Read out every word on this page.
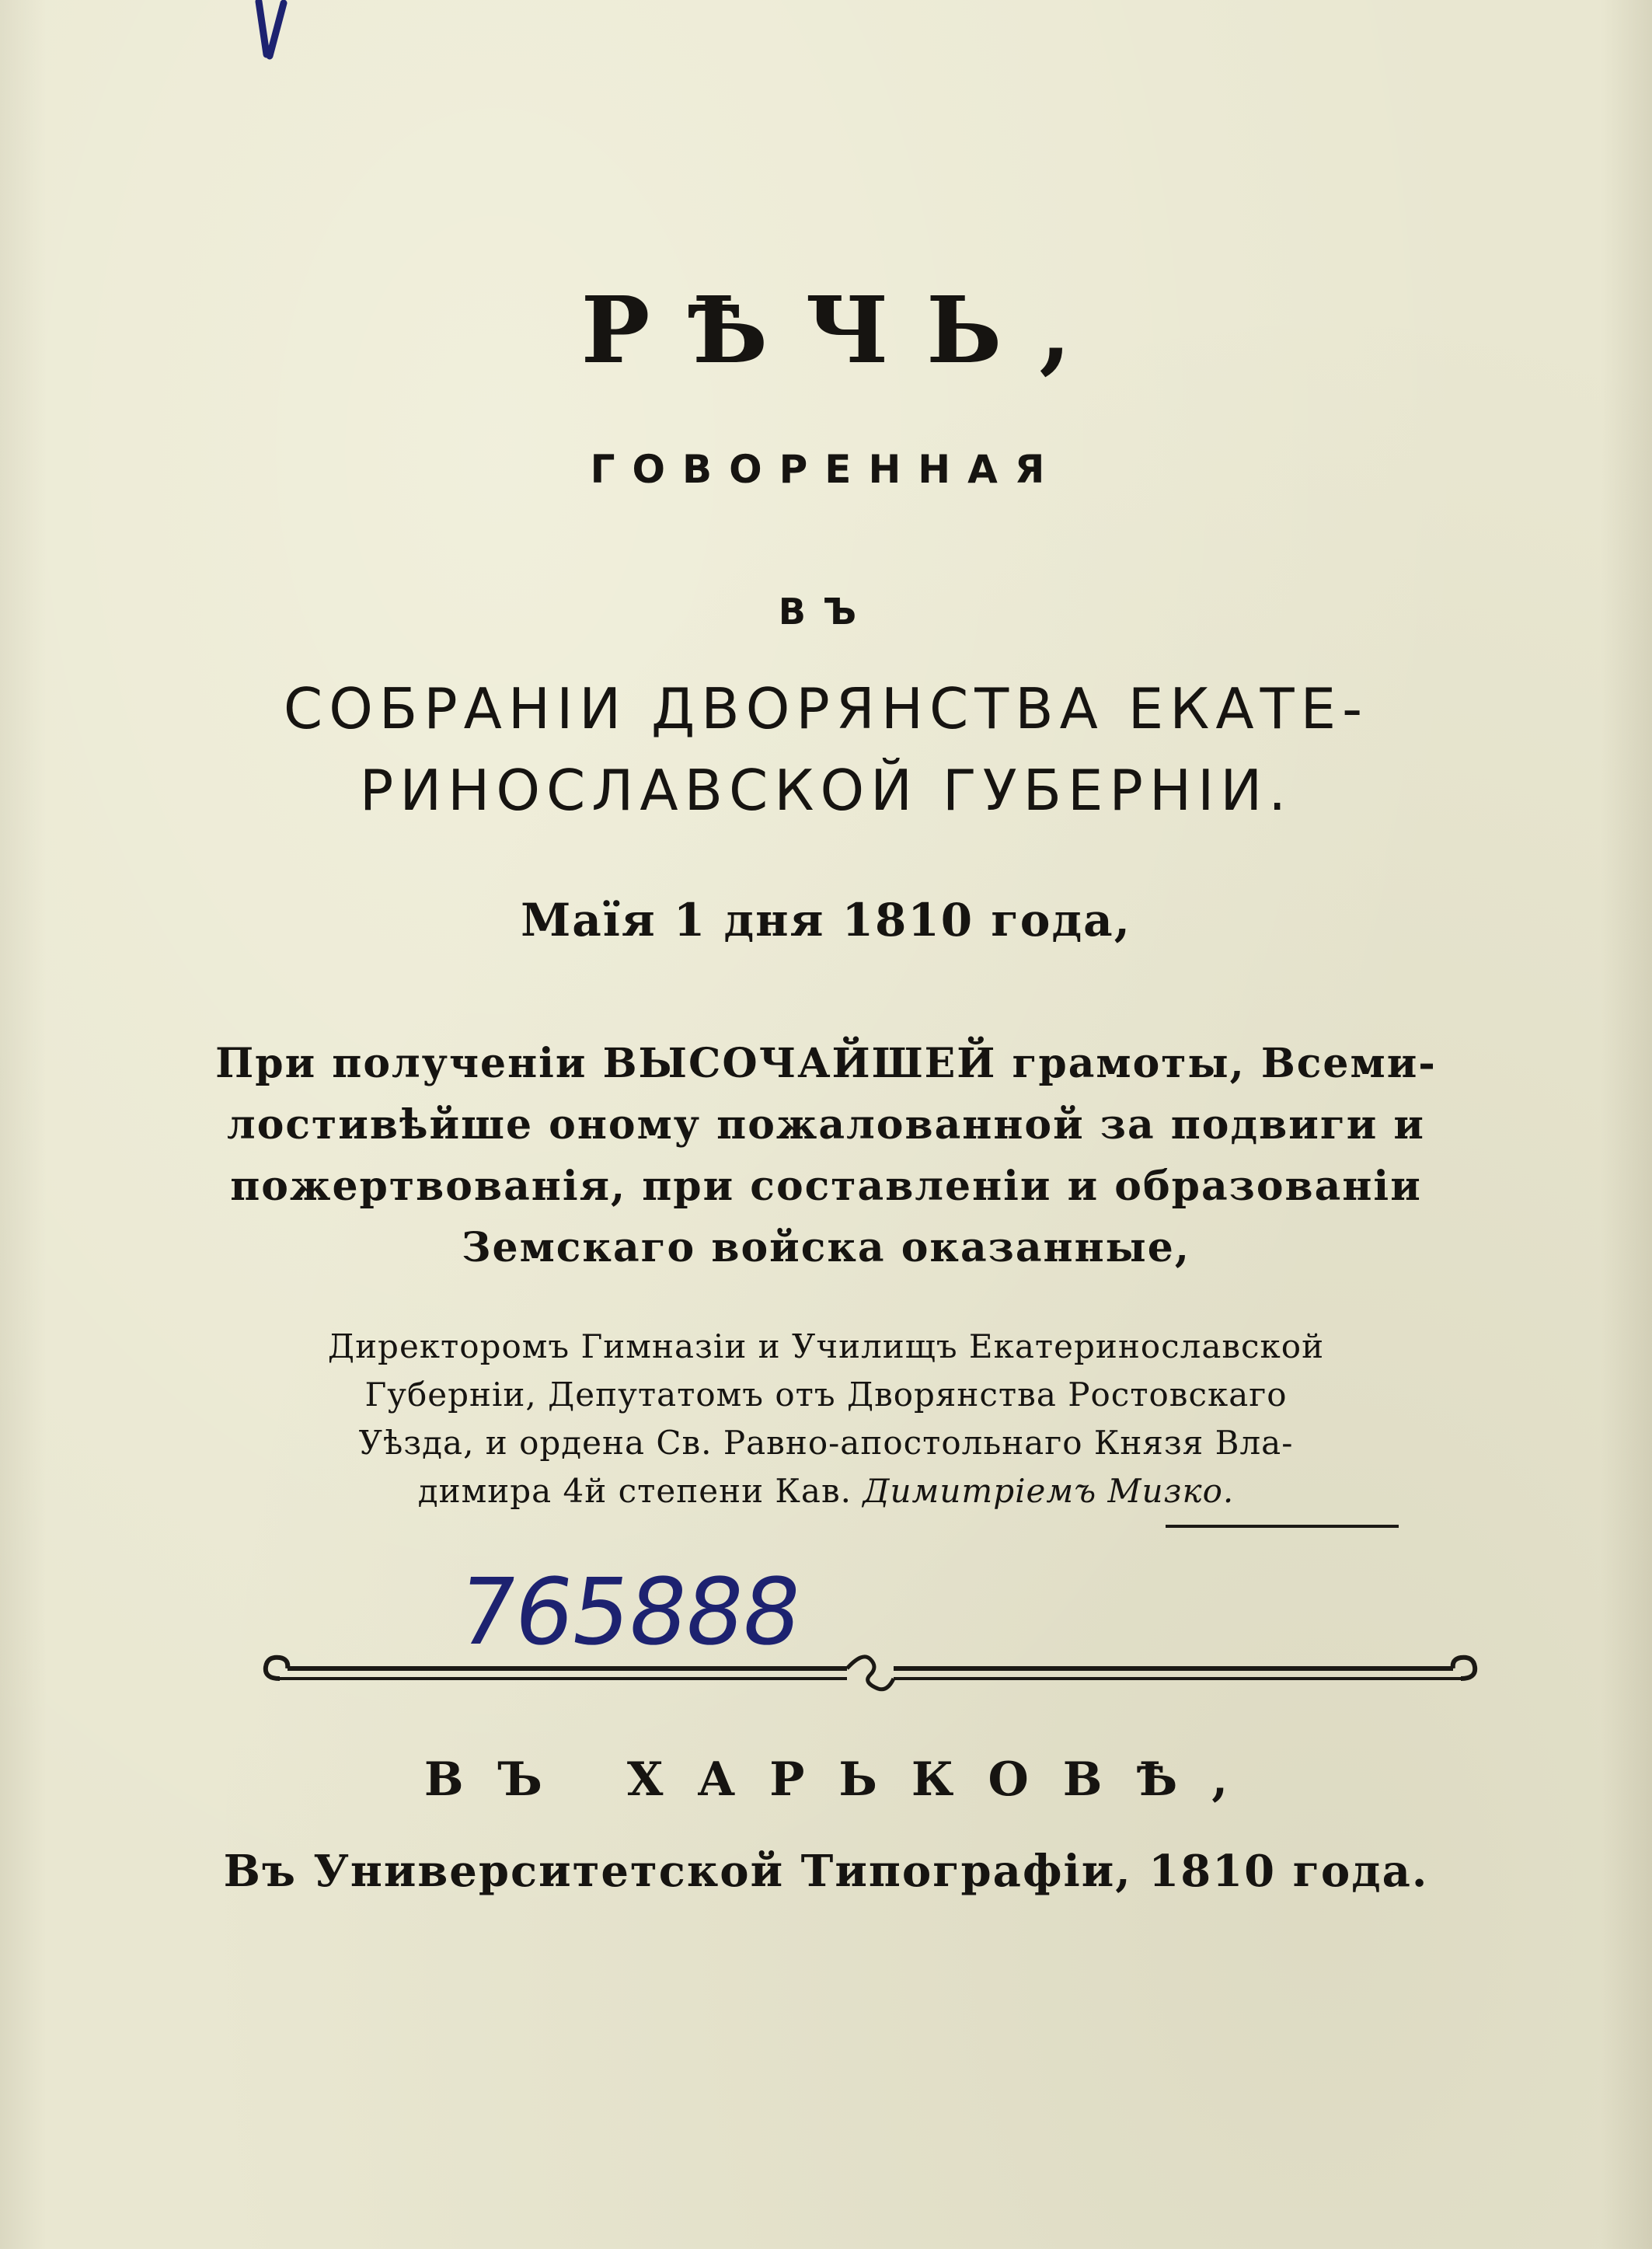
РѢЧЬ,
ГОВОРЕННАЯ
ВЪ
СОБРАНІИ ДВОРЯНСТВА ЕКАТЕ-
РИНОСЛАВСКОЙ ГУБЕРНІИ.
Маїя 1 дня 1810 года,
При полученіи ВЫСОЧАЙШЕЙ грамоты, Всеми-
лостивѣйше оному пожалованной за подвиги и
пожертвованія, при составленіи и образованіи
Земскаго войска оказанные,
Директоромъ Гимназіи и Училищъ Екатеринославской
Губерніи, Депутатомъ отъ Дворянства Ростовскаго
Уѣзда, и ордена Св. Равно-апостольнаго Князя Вла-
димира 4й степени Кав. Димитріемъ Мизко.
765888
ВЪ ХАРЬКОВѢ,
Въ Университетской Типографіи, 1810 года.
